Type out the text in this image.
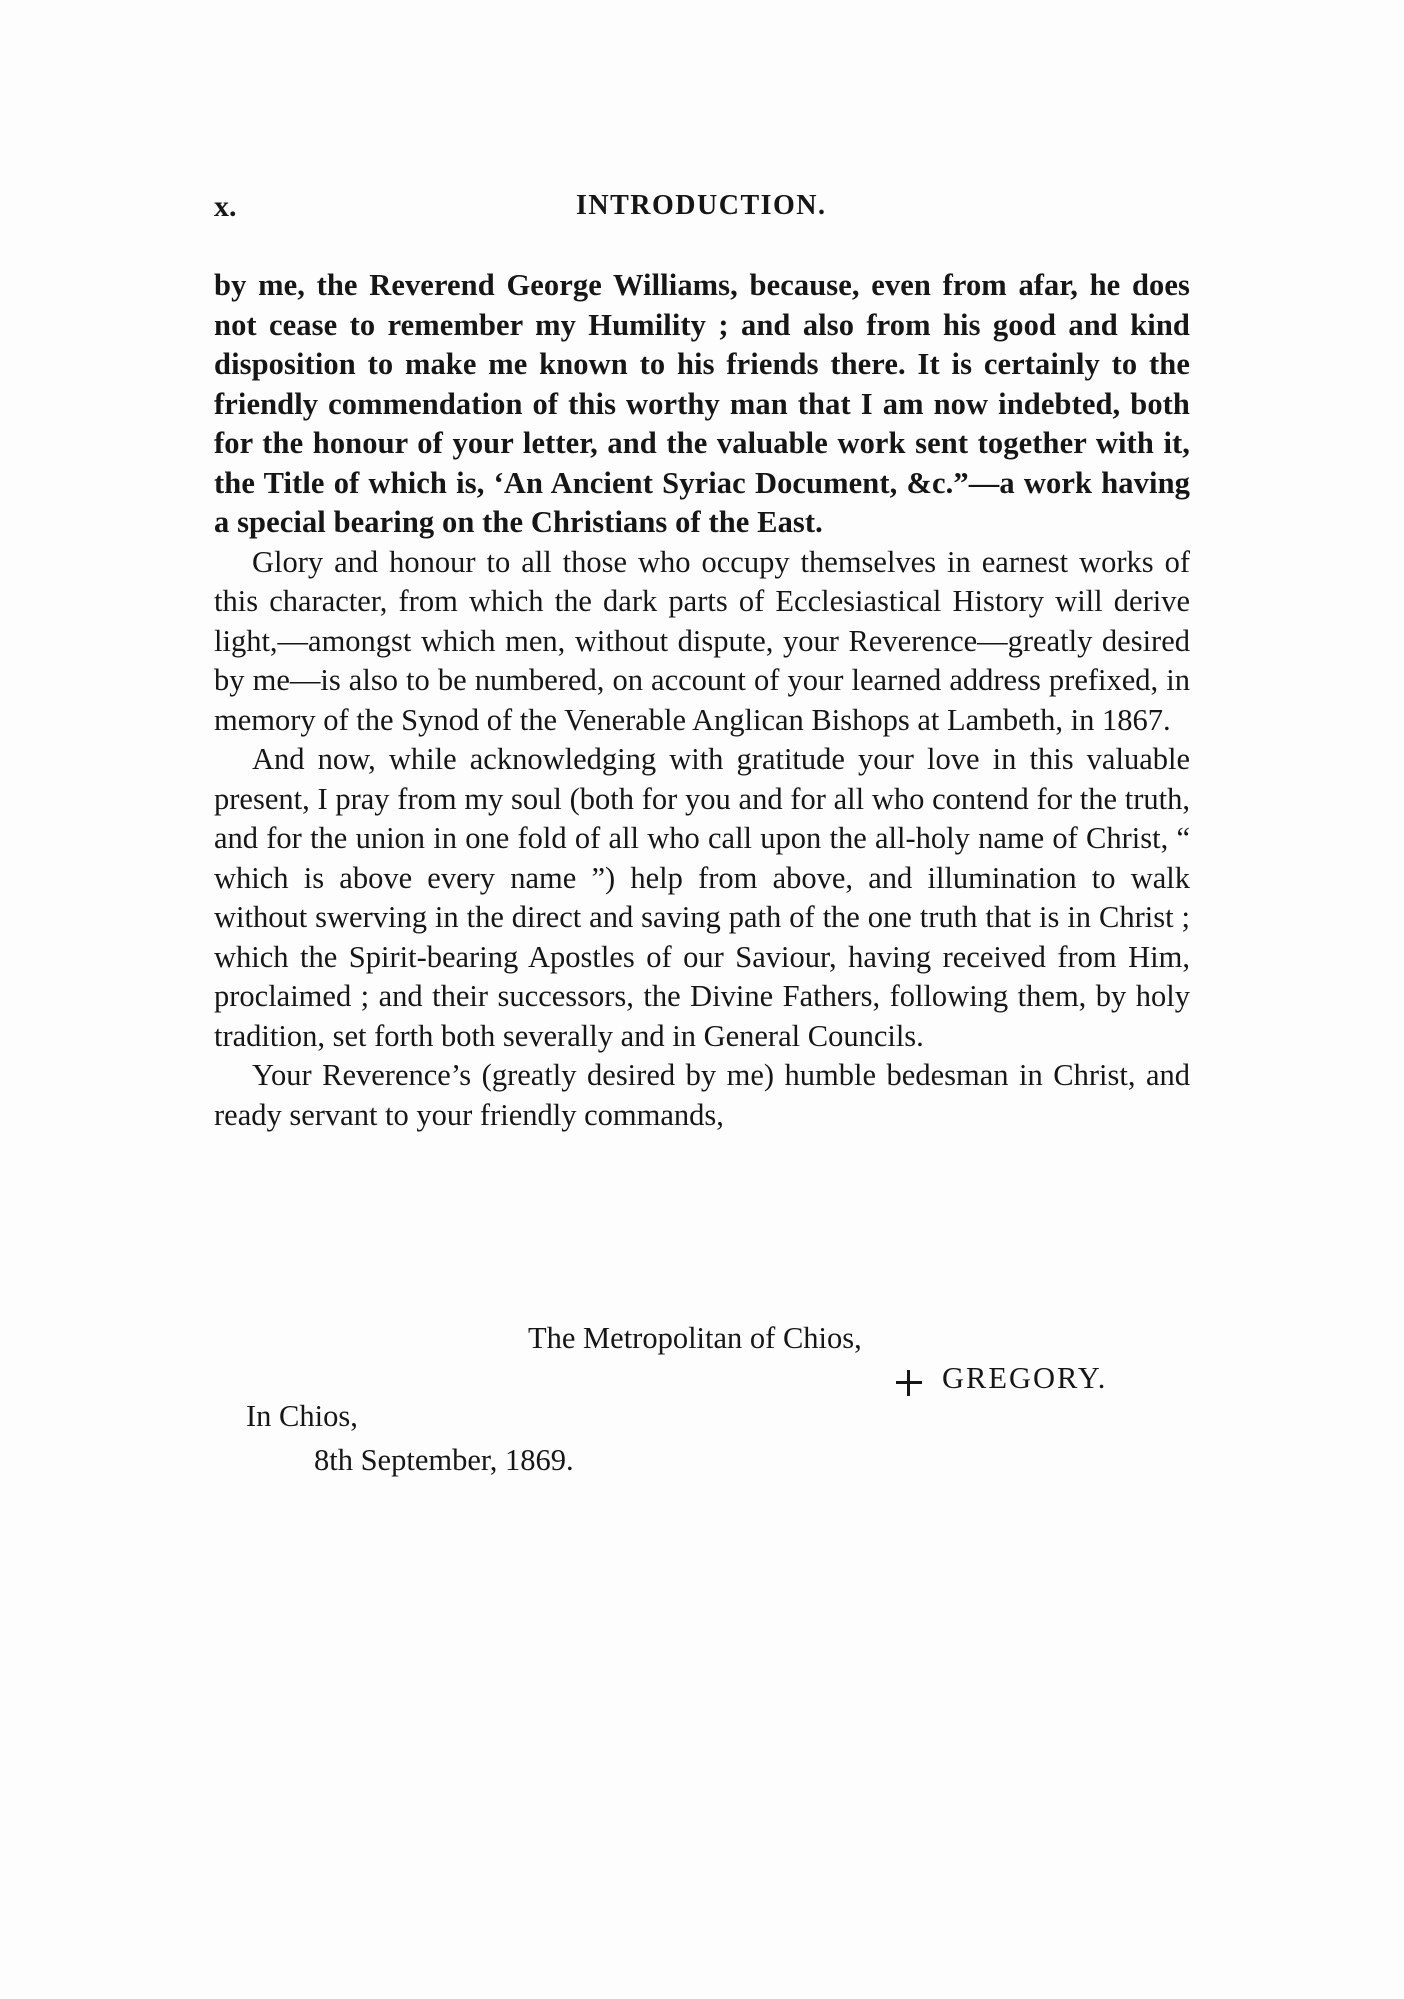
x.	INTRODUCTION.

by me, the Reverend George Williams, because, even from afar, he does not cease to remember my Humility ; and also from his good and kind disposition to make me known to his friends there. It is certainly to the friendly commendation of this worthy man that I am now indebted, both for the honour of your letter, and the valuable work sent together with it, the Title of which is, ‘An Ancient Syriac Document, &c.”—a work having a special bearing on the Christians of the East.

Glory and honour to all those who occupy themselves in earnest works of this character, from which the dark parts of Ecclesiastical History will derive light,—amongst which men, without dispute, your Reverence—greatly desired by me—is also to be numbered, on account of your learned address prefixed, in memory of the Synod of the Venerable Anglican Bishops at Lambeth, in 1867.

And now, while acknowledging with gratitude your love in this valuable present, I pray from my soul (both for you and for all who contend for the truth, and for the union in one fold of all who call upon the all-holy name of Christ, “ which is above every name ”) help from above, and illumination to walk without swerving in the direct and saving path of the one truth that is in Christ ; which the Spirit-bearing Apostles of our Saviour, having received from Him, proclaimed ; and their successors, the Divine Fathers, following them, by holy tradition, set forth both severally and in General Councils.

Your Reverence’s (greatly desired by me) humble bedesman in Christ, and ready servant to your friendly commands,

The Metropolitan of Chios,
GREGORY.
In Chios,
8th September, 1869.
